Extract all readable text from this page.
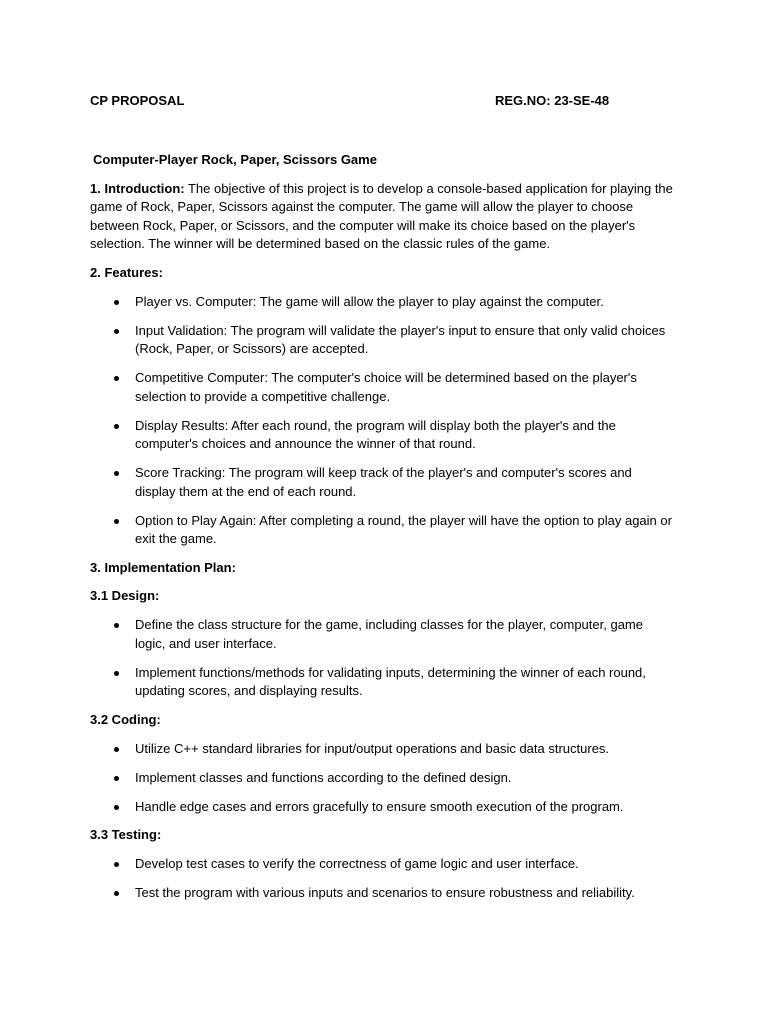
CP PROPOSAL	REG.NO: 23-SE-48
Computer-Player Rock, Paper, Scissors Game
1. Introduction: The objective of this project is to develop a console-based application for playing the game of Rock, Paper, Scissors against the computer. The game will allow the player to choose between Rock, Paper, or Scissors, and the computer will make its choice based on the player's selection. The winner will be determined based on the classic rules of the game.
2. Features:
Player vs. Computer: The game will allow the player to play against the computer.
Input Validation: The program will validate the player's input to ensure that only valid choices (Rock, Paper, or Scissors) are accepted.
Competitive Computer: The computer's choice will be determined based on the player's selection to provide a competitive challenge.
Display Results: After each round, the program will display both the player's and the computer's choices and announce the winner of that round.
Score Tracking: The program will keep track of the player's and computer's scores and display them at the end of each round.
Option to Play Again: After completing a round, the player will have the option to play again or exit the game.
3. Implementation Plan:
3.1 Design:
Define the class structure for the game, including classes for the player, computer, game logic, and user interface.
Implement functions/methods for validating inputs, determining the winner of each round, updating scores, and displaying results.
3.2 Coding:
Utilize C++ standard libraries for input/output operations and basic data structures.
Implement classes and functions according to the defined design.
Handle edge cases and errors gracefully to ensure smooth execution of the program.
3.3 Testing:
Develop test cases to verify the correctness of game logic and user interface.
Test the program with various inputs and scenarios to ensure robustness and reliability.
